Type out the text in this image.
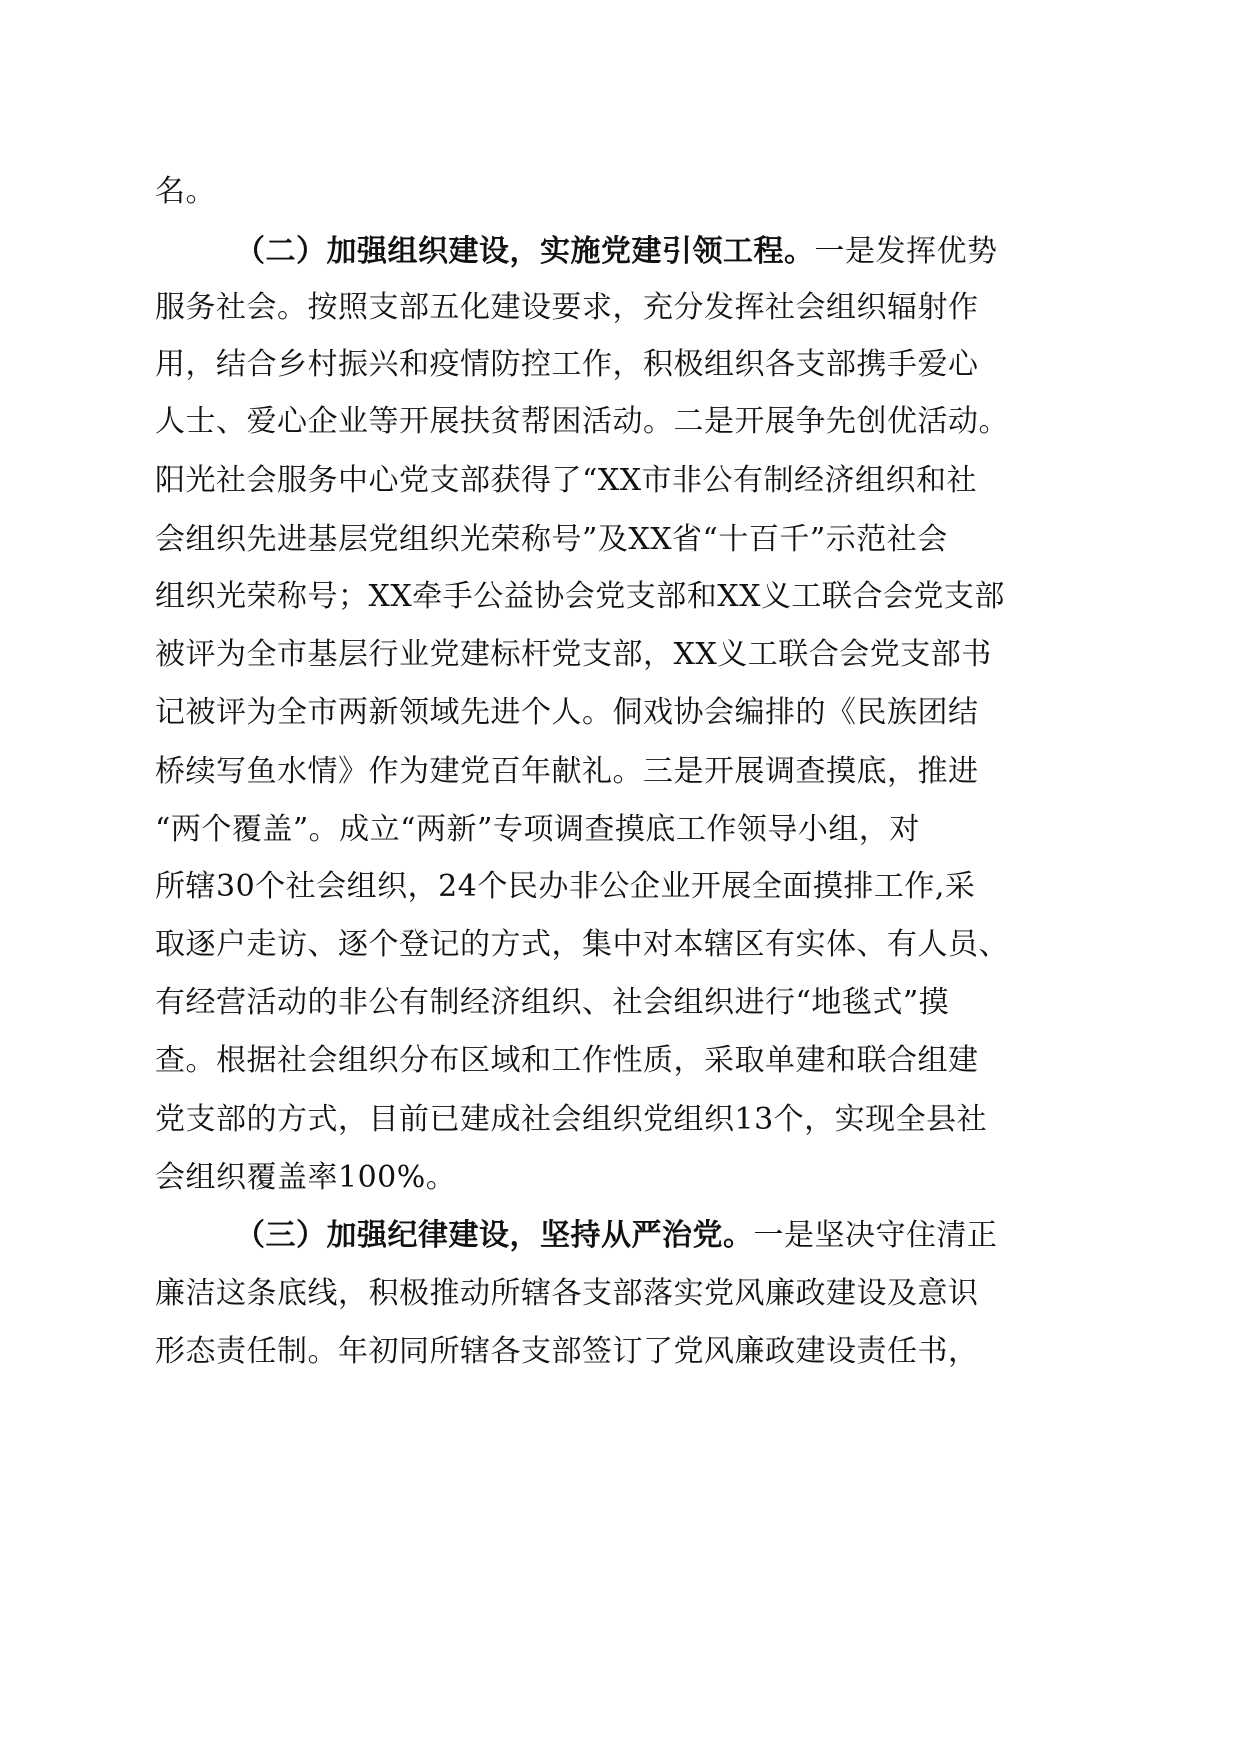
名。
（二）加强组织建设，实施党建引领工程。一是发挥优势
服务社会。按照支部五化建设要求，充分发挥社会组织辐射作
用，结合乡村振兴和疫情防控工作，积极组织各支部携手爱心
人士、爱心企业等开展扶贫帮困活动。二是开展争先创优活动。
阳光社会服务中心党支部获得了“XX市非公有制经济组织和社
会组织先进基层党组织光荣称号”及XX省“十百千”示范社会
组织光荣称号；XX牵手公益协会党支部和XX义工联合会党支部
被评为全市基层行业党建标杆党支部，XX义工联合会党支部书
记被评为全市两新领域先进个人。侗戏协会编排的《民族团结
桥续写鱼水情》作为建党百年献礼。三是开展调查摸底，推进
“两个覆盖”。成立“两新”专项调查摸底工作领导小组，对
所辖30个社会组织，24个民办非公企业开展全面摸排工作,采
取逐户走访、逐个登记的方式，集中对本辖区有实体、有人员、
有经营活动的非公有制经济组织、社会组织进行“地毯式”摸
查。根据社会组织分布区域和工作性质，采取单建和联合组建
党支部的方式，目前已建成社会组织党组织13个，实现全县社
会组织覆盖率100%。
（三）加强纪律建设，坚持从严治党。一是坚决守住清正
廉洁这条底线，积极推动所辖各支部落实党风廉政建设及意识
形态责任制。年初同所辖各支部签订了党风廉政建设责任书，
